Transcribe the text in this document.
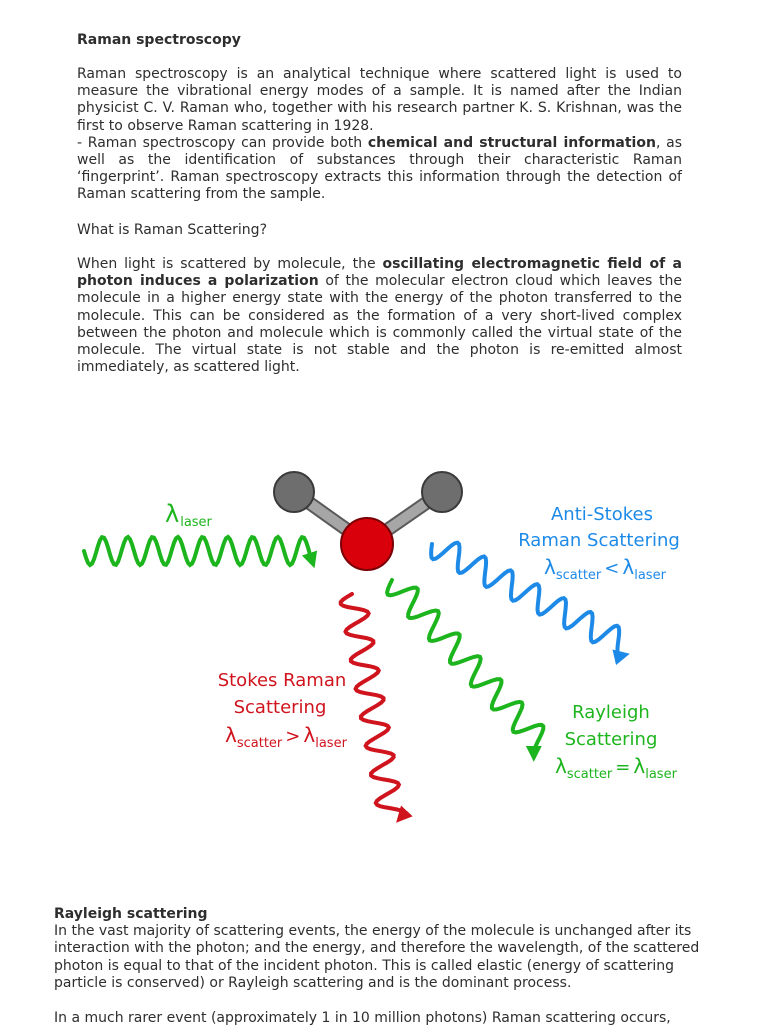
Raman spectroscopy

Raman spectroscopy is an analytical technique where scattered light is used to measure the vibrational energy modes of a sample. It is named after the Indian physicist C. V. Raman who, together with his research partner K. S. Krishnan, was the first to observe Raman scattering in 1928.

- Raman spectroscopy can provide both chemical and structural information, as well as the identification of substances through their characteristic Raman ‘fingerprint’. Raman spectroscopy extracts this information through the detection of Raman scattering from the sample.

What is Raman Scattering?
When light is scattered by molecule, the oscillating electromagnetic field of a photon induces a polarization of the molecular electron cloud which leaves the molecule in a higher energy state with the energy of the photon transferred to the molecule. This can be considered as the formation of a very short-lived complex between the photon and molecule which is commonly called the virtual state of the molecule. The virtual state is not stable and the photon is re-emitted almost immediately, as scattered light.
$\lambda_{laser}$	Anti-Stokes
Raman Scattering
$\lambda_{scatter} < \lambda_{laser}$
Stokes Raman
Scattering
$\lambda_{scatter} > \lambda_{laser}$
Rayleigh
Scattering
$\lambda_{scatter} = \lambda_{laser}$
Rayleigh scattering
In the vast majority of scattering events, the energy of the molecule is unchanged after its interaction with the photon; and the energy, and therefore the wavelength, of the scattered photon is equal to that of the incident photon. This is called elastic (energy of scattering particle is conserved) or Rayleigh scattering and is the dominant process.
In a much rarer event (approximately 1 in 10 million photons) Raman scattering occurs,
